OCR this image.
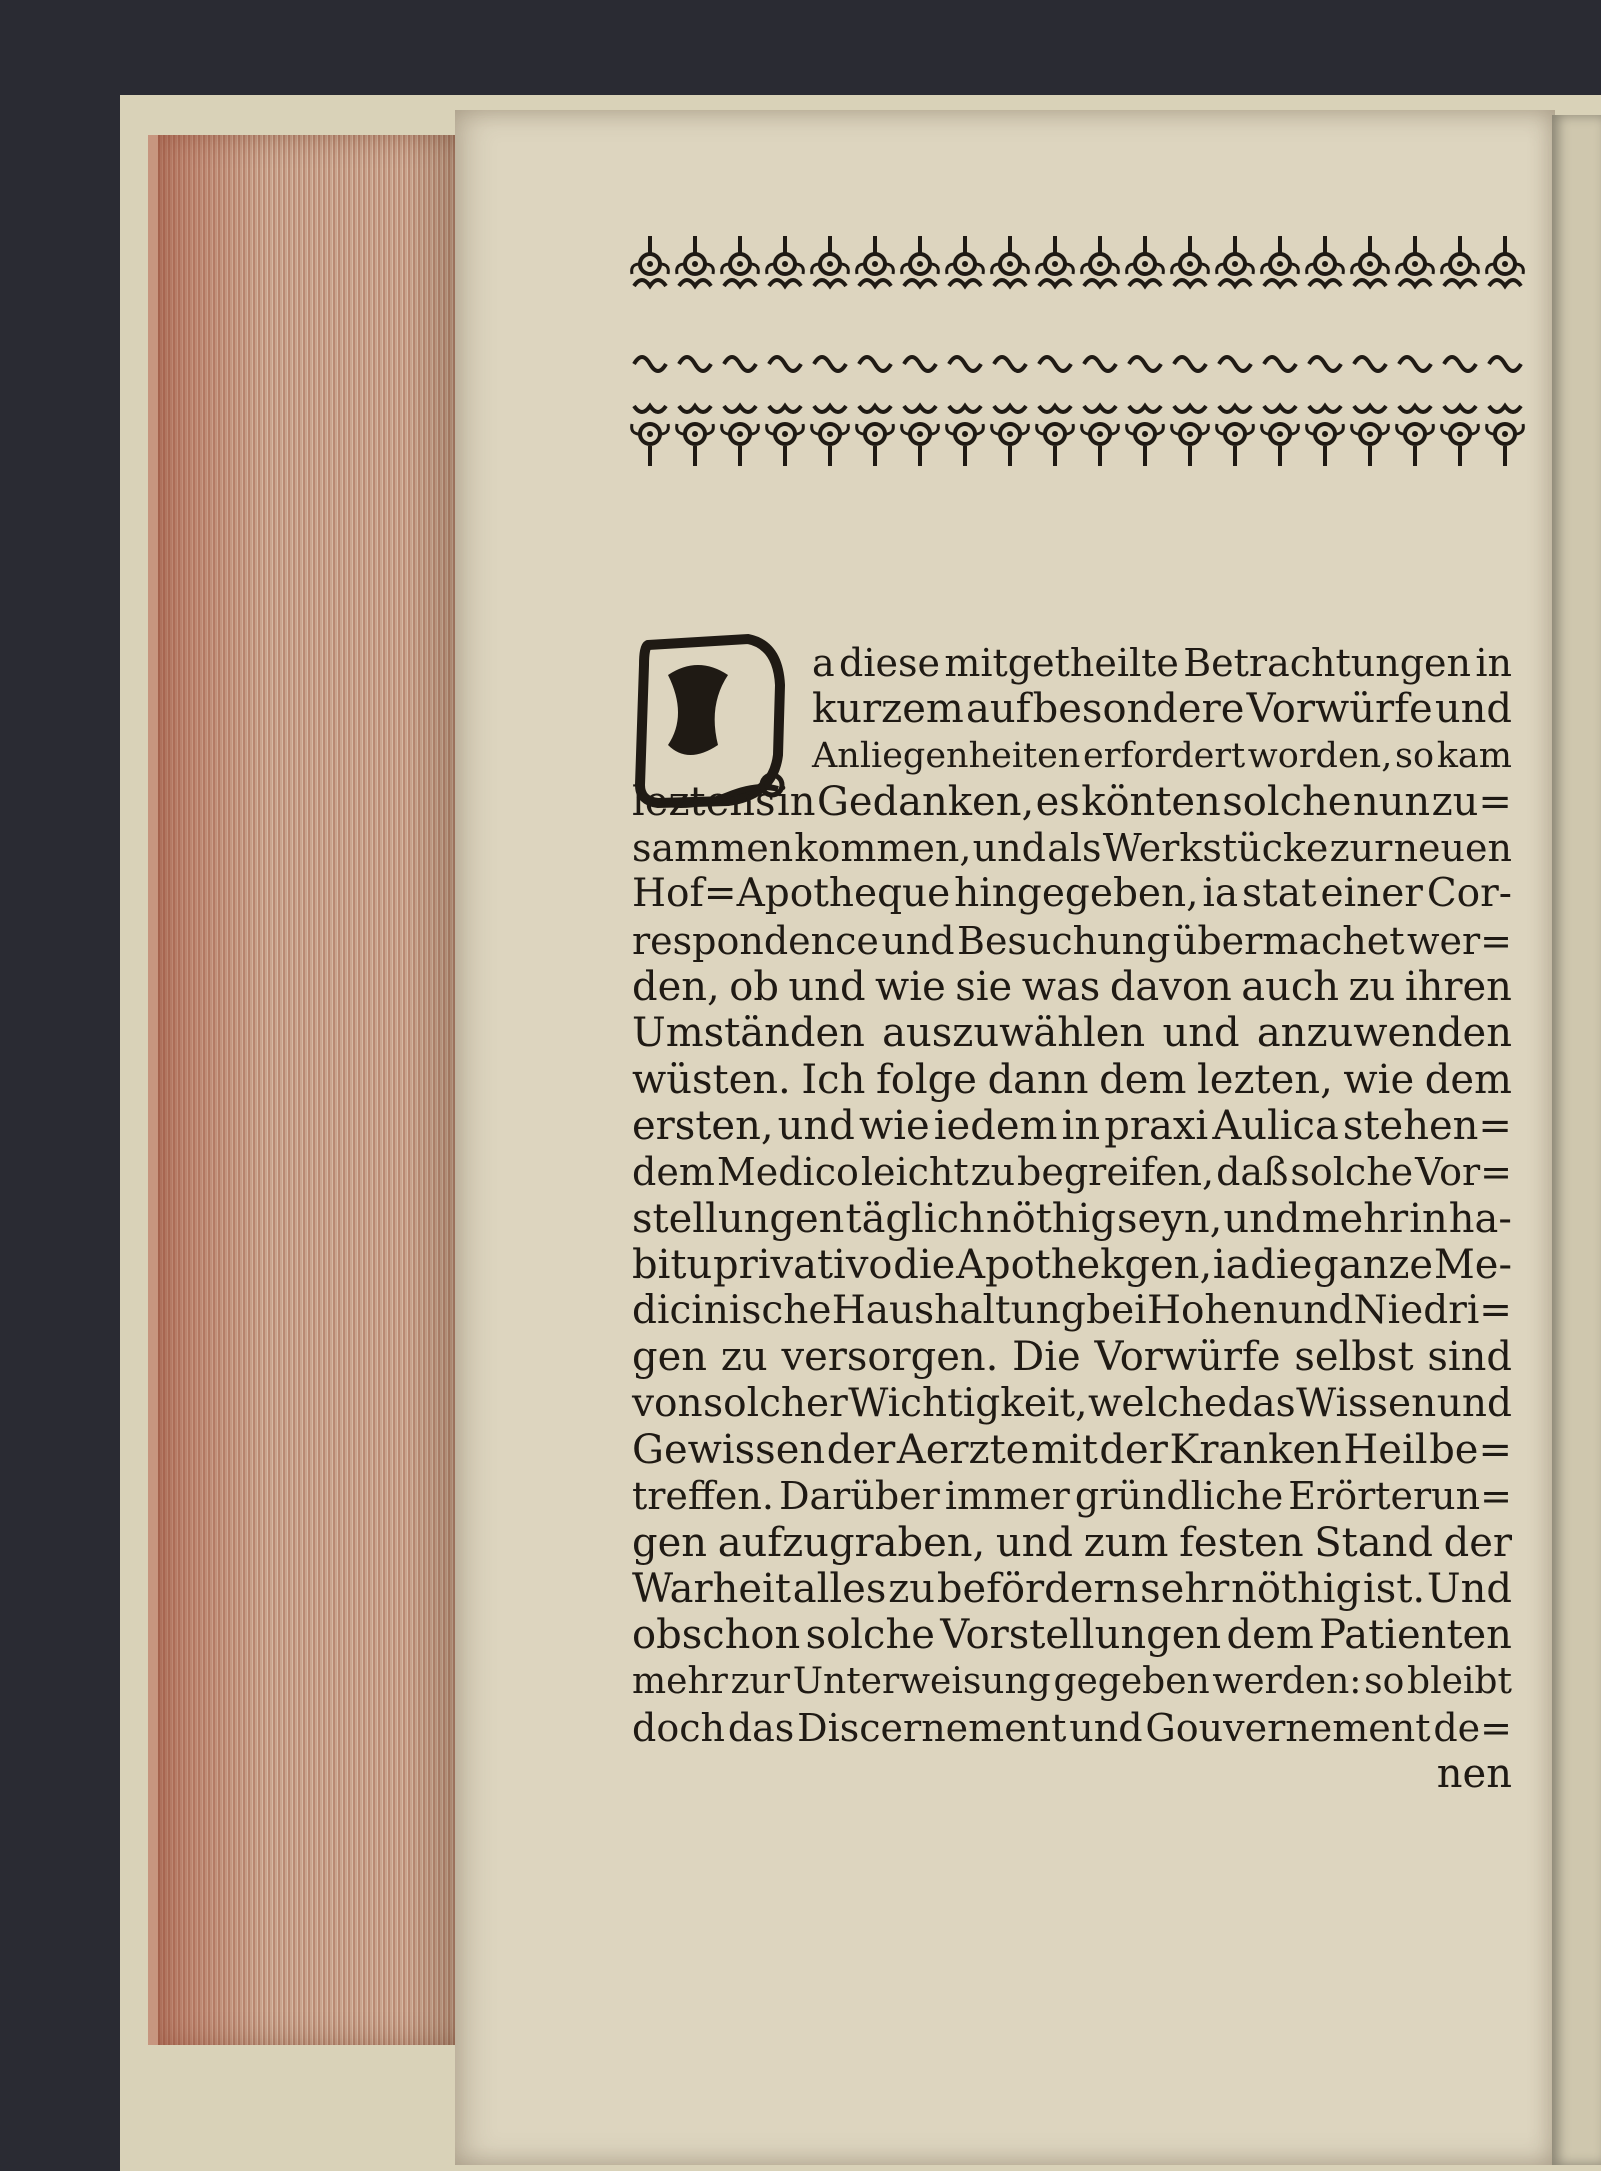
a diese mitgetheilte Betrachtungen in
kurzem auf besondere Vorwürfe und
Anliegenheiten erfordert worden, so kam
leztens in Gedanken, es könten solche nun zu=
sammen kommen, und als Werkstücke zur neuen
Hof=Apotheque hingegeben, ia stat einer Cor-
respondence und Besuchung übermachet wer=
den, ob und wie sie was davon auch zu ihren
Umständen auszuwählen und anzuwenden
wüsten. Ich folge dann dem lezten, wie dem
ersten, und wie iedem in praxi Aulica stehen=
dem Medico leicht zu begreifen, daß solche Vor=
stellungen täglich nöthig seyn, und mehr in ha-
bitu privativo die Apothekgen, ia die ganze Me-
dicinische Haushaltung bei Hohen und Niedri=
gen zu versorgen. Die Vorwürfe selbst sind
von solcher Wichtigkeit, welche das Wissen und
Gewissen der Aerzte mit der Kranken Heil be=
treffen. Darüber immer gründliche Erörterun=
gen aufzugraben, und zum festen Stand der
Warheit alles zu befördern sehr nöthig ist. Und
obschon solche Vorstellungen dem Patienten
mehr zur Unterweisung gegeben werden: so bleibt
doch das Discernement und Gouvernement de=
nen
